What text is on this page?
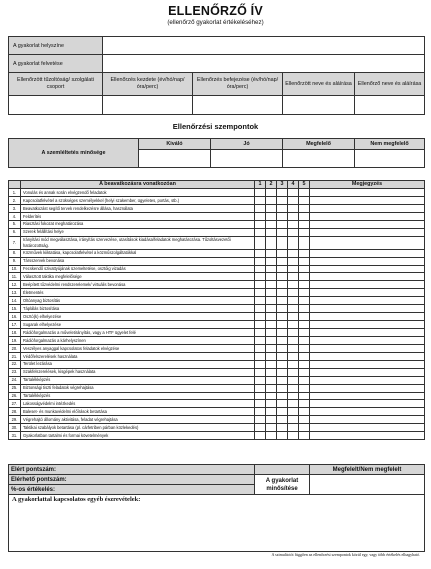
ELLENŐRZŐ ÍV
(ellenőrző gyakorlat értékeléséhez)
A gyakorlat helyszíne				
A gyakorlat felvetése				
Ellenőrzött tűzoltóság/ szolgálati csoport	Ellenőrzés kezdete (év/hó/nap/óra/perc)	Ellenőrzés befejezése (év/hó/nap/óra/perc)	Ellenőrzött neve és aláírása	Ellenőrző neve és aláírása

Ellenőrzési szempontok
A szemléltetés minősége	Kiváló	Jó	Megfelelő	Nem megfelelő

	A beavatkozásra vonatkozóan	1	2	3	4	5	Megjegyzés
1.	Vonulás és annak során elvégzendő feladatok						
2.	Kapcsolatfelvétel a szükséges személyekkel (helyi szakember, ügyeletes, portás, stb.)						
3.	Beavatkozást segítő tervek rendelkezésre állása, használata						
4.	Felderítés						
5.	Riasztási fokozat meghatározása						
6.	Szerek felállítási helye						
7.	Irányítási mód megválasztása, irányítás szervezése, utasítások kiadása/feladatok meghatározása. Tűzoltásvezetői határozottság.						
8.	Közművek kiiktatása, kapcsolatfelvétel a közműszolgáltatókkal						
9.	Társszervek bevonása						
10.	Fecskendő szivattyújának üzemeltetése, osztóig vizadás						
11.	Választott taktika megfelelősége						
12.	Beépített tűzvédelmi rendszerelemek/ virtuális bevonása						
13.	Életmentés						
14.	Oltóanyag biztosítás						
15.	Táplálás biztosítása						
16.	Osztó(k) elhelyezése						
17.	Sugarak elhelyezése						
18.	Rádióforgalmazás a műveletirányítás, vagy a HTF ügyelet felé						
19.	Rádióforgalmazás a kárhelyszínen						
20.	Veszélyes anyaggal kapcsolatos feladatok elvégzése						
21.	Védőfelszerelések használata						
22.	Terület lezárása						
23.	Szakfelszerelések, kisgépek használata						
24.	Tartalékképzés						
25.	Biztonsági tiszti feladatok végrehajtása						
26.	Tartalékképzés						
27.	Lakosságvédelmi intézkedés						
28.	Baleset- és munkavédelmi előírások betartása						
29.	Végrehajtó állomány aktivitása, feladat végrehajtása						
30.	Taktikai szabályok betartása (pl. cárfetriben párban közlekedés)						
31.	Gyakorlatban tartalmi és formai követelmények						
Elért pontszám:		Megfelelt/Nem megfelelt
Elérhető pontszám:	A gyakorlat minősítése	
%-os értékelés:		
A gyakorlattal kapcsolatos egyéb észrevételek:		
A szimulációt függően az ellenőrzési szempontok közül egy, vagy több értékelés elhagyható.
